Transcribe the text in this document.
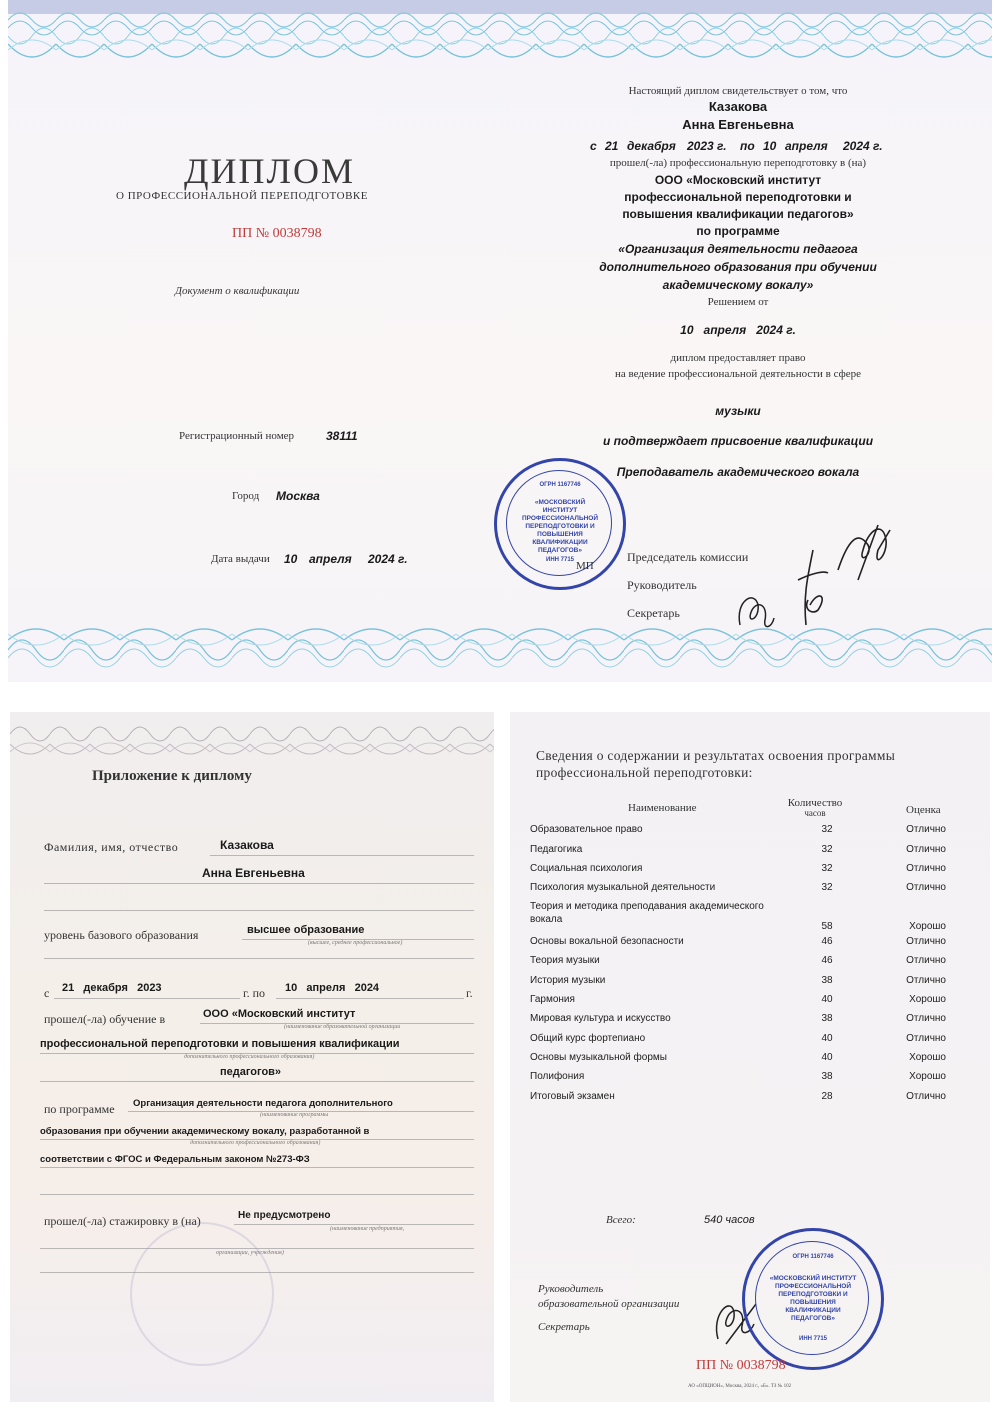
ДИПЛОМ
О ПРОФЕССИОНАЛЬНОЙ ПЕРЕПОДГОТОВКЕ
ПП № 0038798
Документ о квалификации
Регистрационный номер	38111
Город Москва
Дата выдачи 10 апреля 2024 г.
Настоящий диплом свидетельствует о том, что
Казакова
Анна Евгеньевна
с 21 декабря 2023 г. по 10 апреля 2024 г.
прошел(-ла) профессиональную переподготовку в (на)
ООО «Московский институт
профессиональной переподготовки и
повышения квалификации педагогов»
по программе
«Организация деятельности педагога
дополнительного образования при обучении
академическому вокалу»
Решением от
10   апреля   2024 г.
диплом предоставляет право
на ведение профессиональной деятельности в сфере
музыки
и подтверждает присвоение квалификации
Преподаватель академического вокала
«МОСКОВСКИЙ ИНСТИТУТ ПРОФЕССИОНАЛЬНОЙ ПЕРЕПОДГОТОВКИ И ПОВЫШЕНИЯ КВАЛИФИКАЦИИ ПЕДАГОГОВ»
ОГРН 1167746
ИНН 7715 МП
Председатель комиссии
Руководитель
Секретарь
Приложение к диплому
Фамилия, имя, отчество	Казакова
Анна Евгеньевна
уровень базового образования	высшее образование
(высшее, среднее профессиональное)
с 21   декабря   2023	г. по 10   апреля   2024	г.
прошел(-ла) обучение в	ООО «Московский институт
(наименование образовательной организации
профессиональной переподготовки и повышения квалификации
дополнительного профессионального образования)
педагогов»
по программе Организация деятельности педагога дополнительного
(наименование программы
образования при обучении академическому вокалу, разработанной в
дополнительного профессионального образования)
соответствии с ФГОС и Федеральным законом №273-ФЗ
прошел(-ла) стажировку в (на)	Не предусмотрено
(наименование предприятия,
организации, учреждения)
Сведения о содержании и результатах освоения программы
профессиональной переподготовки:
Наименование	Количество
часов	Оценка
Образовательное право	32	Отлично
Педагогика	32	Отлично
Социальная психология	32	Отлично
Психология музыкальной деятельности	32	Отлично
Теория и методика преподавания академического вокала	58	Хорошо
Основы вокальной безопасности	46	Отлично
Теория музыки	46	Отлично
История музыки	38	Отлично
Гармония	40	Хорошо
Мировая культура и искусство	38	Отлично
Общий курс фортепиано	40	Отлично
Основы музыкальной формы	40	Хорошо
Полифония	38	Хорошо
Итоговый экзамен	28	Отлично
Всего:	540 часов
Руководитель
образовательной организации
Секретарь
«МОСКОВСКИЙ ИНСТИТУТ ПРОФЕССИОНАЛЬНОЙ ПЕРЕПОДГОТОВКИ И ПОВЫШЕНИЯ КВАЛИФИКАЦИИ ПЕДАГОГОВ»
ОГРН 1167746
ИНН 7715
ПП № 0038798
АО «ОПЦИОН», Москва, 2024 г., «Б». ТЗ № 102
